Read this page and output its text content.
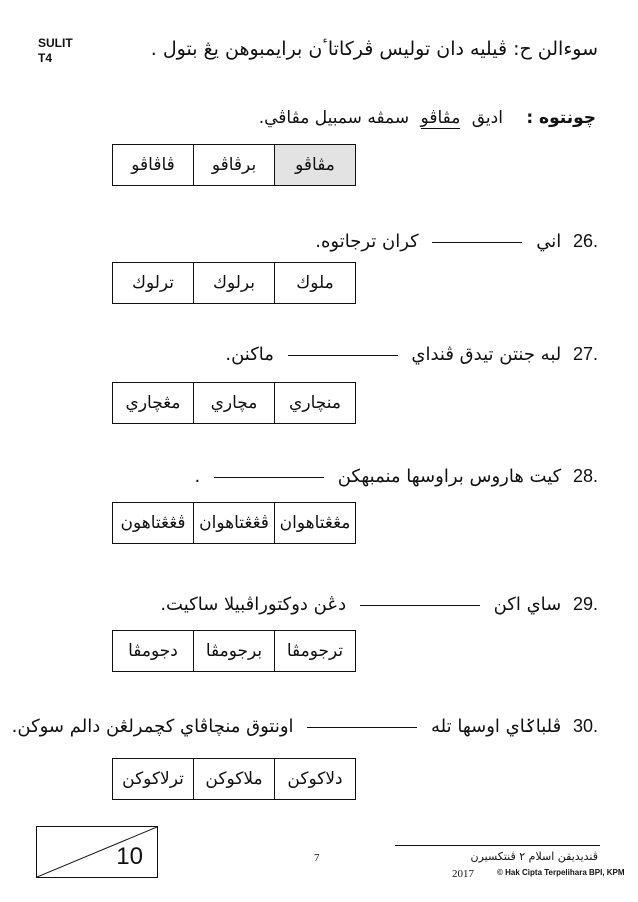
SULIT
T4	سوءالن ح: ڤيليه دان توليس ڤركاتاٴن برايمبوهن يڠ بتول .
چونتوه : اديق مڤاڤو سمڤه سمبيل مڤاڤي.
مڤاڤو
برڤاڤو
ڤاڤاڤو
26. اني  كران ترجاتوه.
ملوك
برلوك
ترلوك
27. لبه جنتن تيدق ڤنداي  ماكنن.
منچاري
مچاري
مڠچاري
28. كيت هاروس براوسها منمبهكن  .
مڠڠتاهوان
ڤڠڠتاهوان
ڤڠڠتاهون
29. ساي اكن  دڠن دوكتوراڤبيلا ساكيت.
ترجومڤا
برجومڤا
دجومڤا
30. ڤلباݢاي اوسها تله  اونتوق منچاڤاي كچمرلڠن دالم سوكن.
دلاكوكن
ملاكوكن
ترلاكوكن
10	7	ڤنديديقن اسلام ٢ ڤنتكسيرن
2017	© Hak Cipta Terpelihara BPI, KPM
